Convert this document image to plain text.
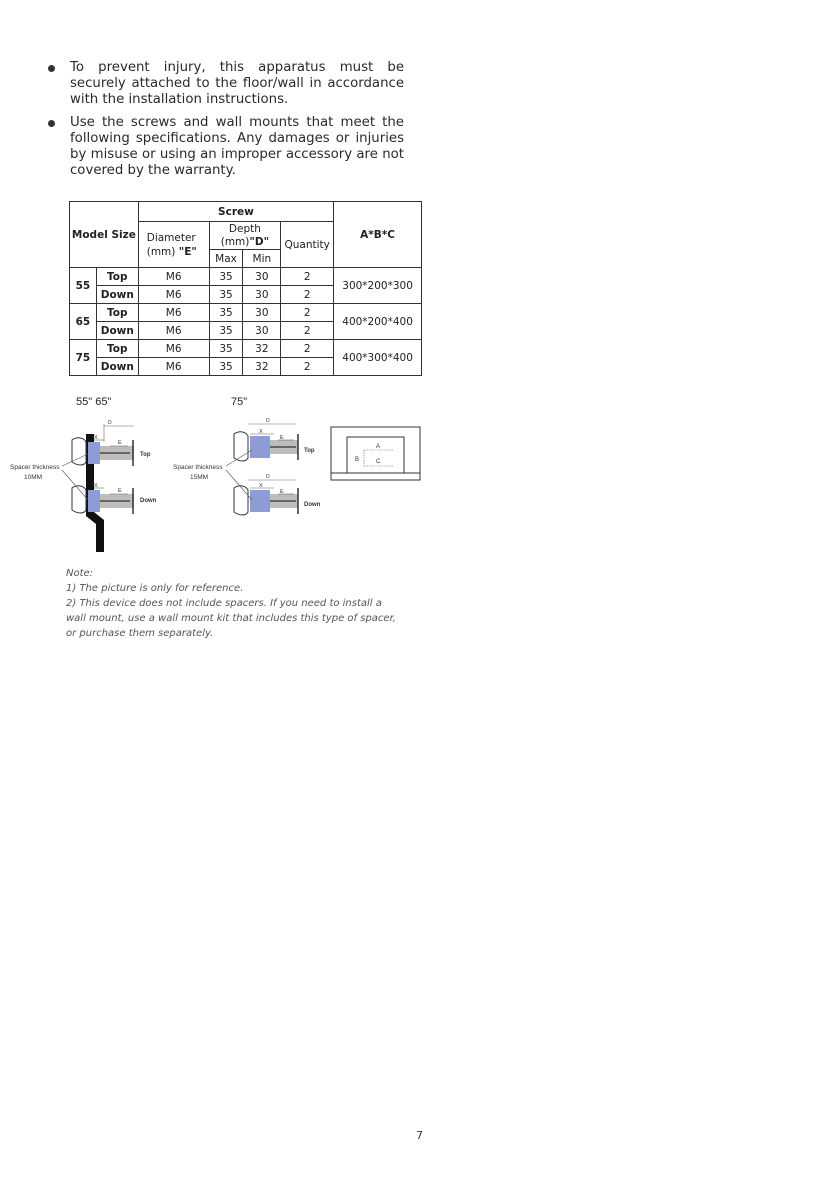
To prevent injury, this apparatus must be securely attached to the floor/wall in accordance with the installation instructions.
Use the screws and wall mounts that meet the following specifications. Any damages or injuries by misuse or using an improper accessory are not covered by the warranty.
Model Size		Screw				A*B*C
		Diameter (mm) "E"	Depth
(mm)"D"		Quantity	
			Max	Min		
55	Top	M6	35	30	2	300*200*300
	Down	M6	35	30	2	
65	Top	M6	35	30	2	400*200*400
	Down	M6	35	30	2	
75	Top	M6	35	32	2	400*300*400
	Down	M6	35	32	2	
55" 65"	75"
D
X
E
Top
X
E
Down
Spacer thickness
10MM
D
X
E
Top
D
X
E
Down
Spacer thickness
15MM
A
B	C
Note:
1) The picture is only for reference.
2) This device does not include spacers. If you need to install a wall mount, use a wall mount kit that includes this type of spacer, or purchase them separately.
7
